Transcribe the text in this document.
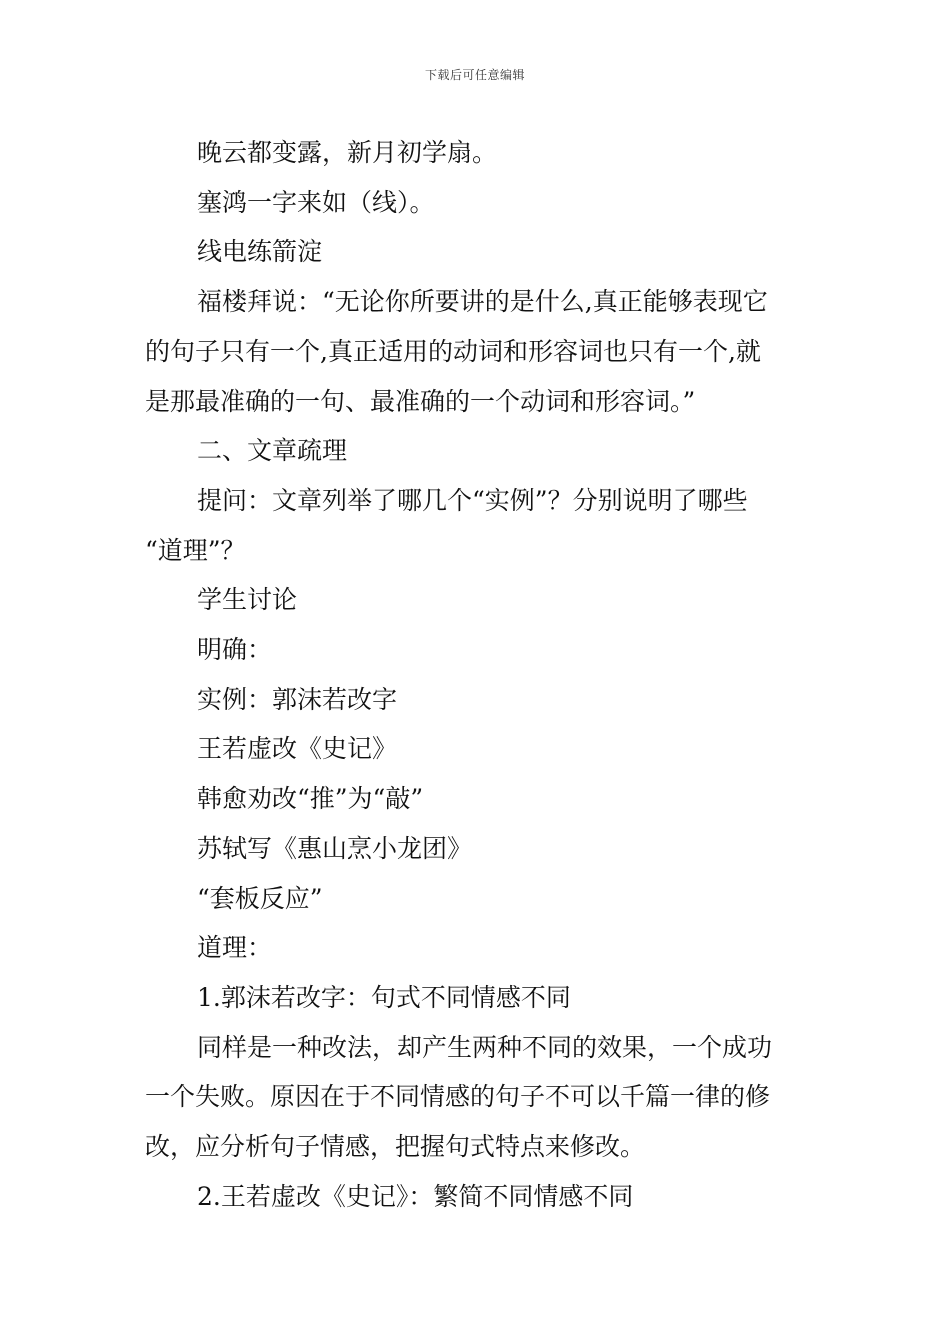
下载后可任意编辑

晚云都变露，新月初学扇。

塞鸿一字来如（线）。

线电练箭淀

福楼拜说：“无论你所要讲的是什么,真正能够表现它

的句子只有一个,真正适用的动词和形容词也只有一个,就

是那最准确的一句、最准确的一个动词和形容词。”

二、文章疏理

提问：文章列举了哪几个“实例”？分别说明了哪些

“道理”？

学生讨论

明确：

实例：郭沫若改字

王若虚改《史记》

韩愈劝改“推”为“敲”

苏轼写《惠山烹小龙团》

“套板反应”

道理：

1.郭沫若改字：句式不同情感不同

同样是一种改法，却产生两种不同的效果，一个成功

一个失败。原因在于不同情感的句子不可以千篇一律的修

改，应分析句子情感，把握句式特点来修改。

2.王若虚改《史记》：繁简不同情感不同
